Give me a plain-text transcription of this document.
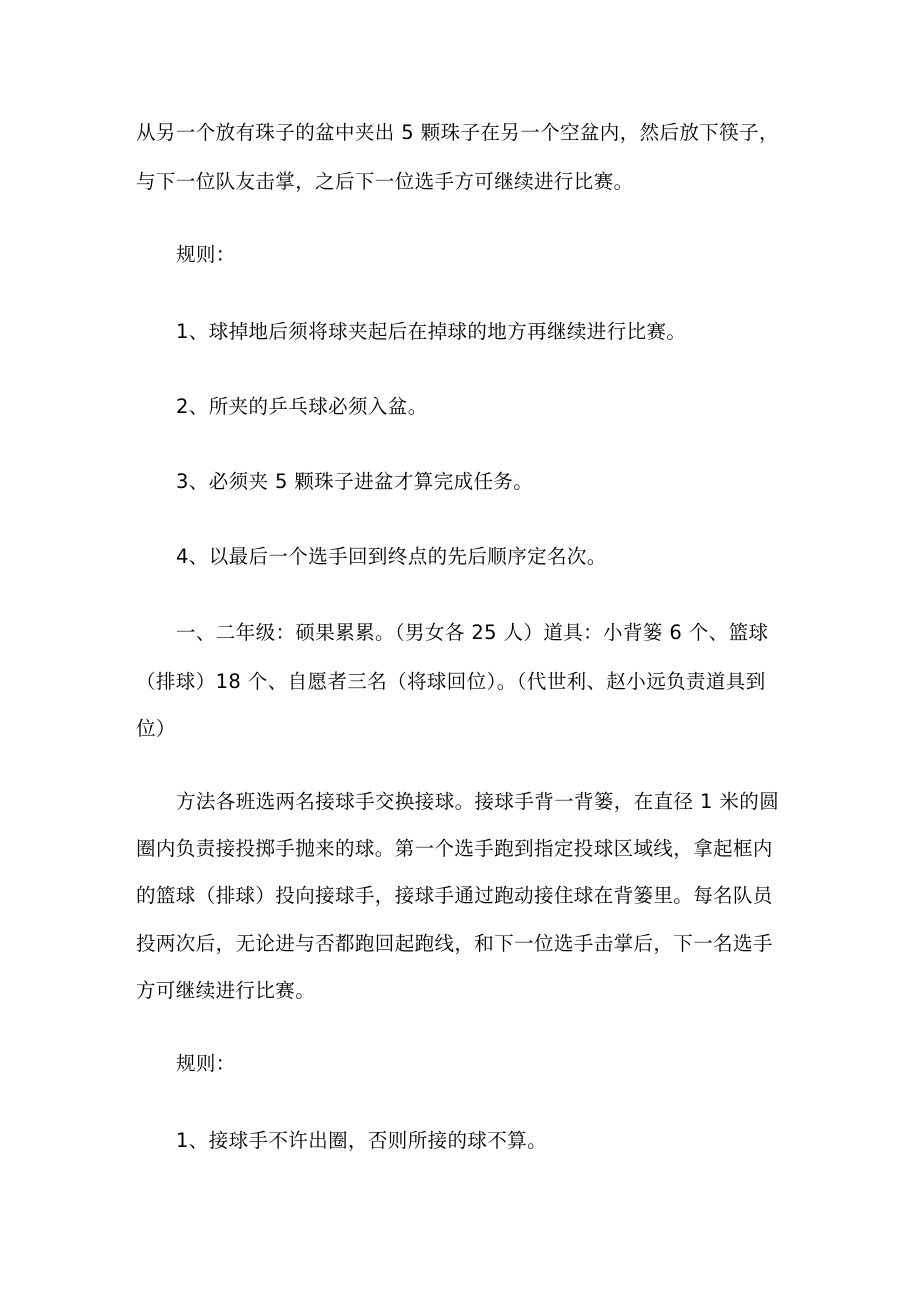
从另一个放有珠子的盆中夹出 5 颗珠子在另一个空盆内，然后放下筷子，
与下一位队友击掌，之后下一位选手方可继续进行比赛。
规则：
1、球掉地后须将球夹起后在掉球的地方再继续进行比赛。
2、所夹的乒乓球必须入盆。
3、必须夹 5 颗珠子进盆才算完成任务。
4、以最后一个选手回到终点的先后顺序定名次。
一、二年级：硕果累累。（男女各 25 人）道具：小背篓 6 个、篮球
（排球）18 个、自愿者三名（将球回位）。（代世利、赵小远负责道具到
位）
方法各班选两名接球手交换接球。接球手背一背篓，在直径 1 米的圆
圈内负责接投掷手抛来的球。第一个选手跑到指定投球区域线，拿起框内
的篮球（排球）投向接球手，接球手通过跑动接住球在背篓里。每名队员
投两次后，无论进与否都跑回起跑线，和下一位选手击掌后，下一名选手
方可继续进行比赛。
规则：
1、接球手不许出圈，否则所接的球不算。
